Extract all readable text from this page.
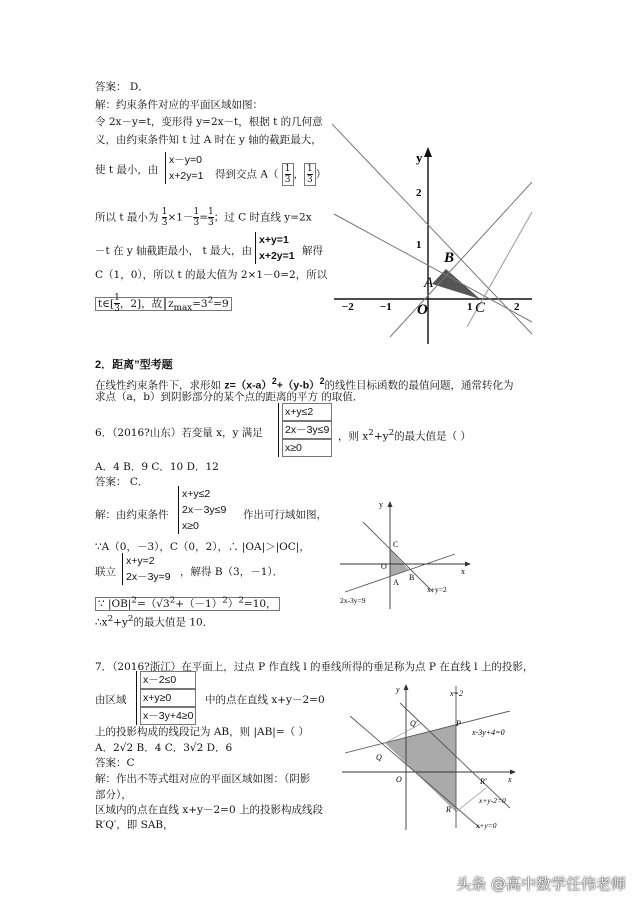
答案： D．
解：约束条件对应的平面区域如图：
令 2x－y=t，变形得 y=2x－t，根据 t 的几何意
义，由约束条件知 t 过 A 时在 y 轴的截距最大，
使 t 最小，由
x－y=0
x+2y=1 得到交点 $A( \frac{1}{3}$ ， $\frac{1}{3}$ ）
所以 t 最小为 $\frac{1}{3} \times 1- \frac{1}{3} = \frac{1}{3}$ ；过 C 时直线 y=2x
－t 在 y 轴截距最小， t 最大，由
x+y=1
x+2y=1 解得
C（1，0），所以 t 的最大值为 2×1－0=2，所以
t∈[ $\frac{1}{3}$ ，2]，故 $z_{max}=3^2=9$
y
2
1
B
A
O	C
−2 −1	1	2
2．距离”型考题
在线性约束条件下，求形如 $z=(x-a)^2+(y-b)^2$的线性目标函数的最值问题，通常转化为
求点（a，b）到阴影部分的某个点的距离的平方 的取值．
6．（2016?山东）若变量 x，y 满足
x+y≤2
2x－3y≤9
x≥0
，则 $x^2+y^2$的最大值是（ ）
A．4 B．9 C．10 D．12
答案： C．
解：由约束条件
x+y≤2
2x－3y≤9
x≥0
作出可行域如图，
∵A（0，－3），C（0，2），∴ |OA|＞|OC|，
联立
x+y=2
2x－3y=9 ，解得 B（3，－1）．
∵ $|OB|^2=(√3^2+(-1)^2)^2=10$，
$\therefore x^2+y^2$的最大值是 10．
y
C
O
A
B
x
2x-3y=9
x+y=2
7．（2016?浙江）在平面上，过点 P 作直线 l 的垂线所得的垂足称为点 P 在直线 l 上的投影，
由区域
x－2≤0
x+y≥0
x－3y+4≥0
中的点在直线 x+y－2=0
上的投影构成的线段记为 AB，则 |AB|=（ ）
A．2√2 B．4 C．3√2 D．6
答案：C
解：作出不等式组对应的平面区域如图：（阴影
部分），
区域内的点在直线 x+y－2=0 上的投影构成线段
R′Q′，即 SAB，
y	x=2
Q′	P
x-3y+4=0
Q
O	x
R′
x+y-2=0
R
x+y=0
头条 @高中数学任伟老师
